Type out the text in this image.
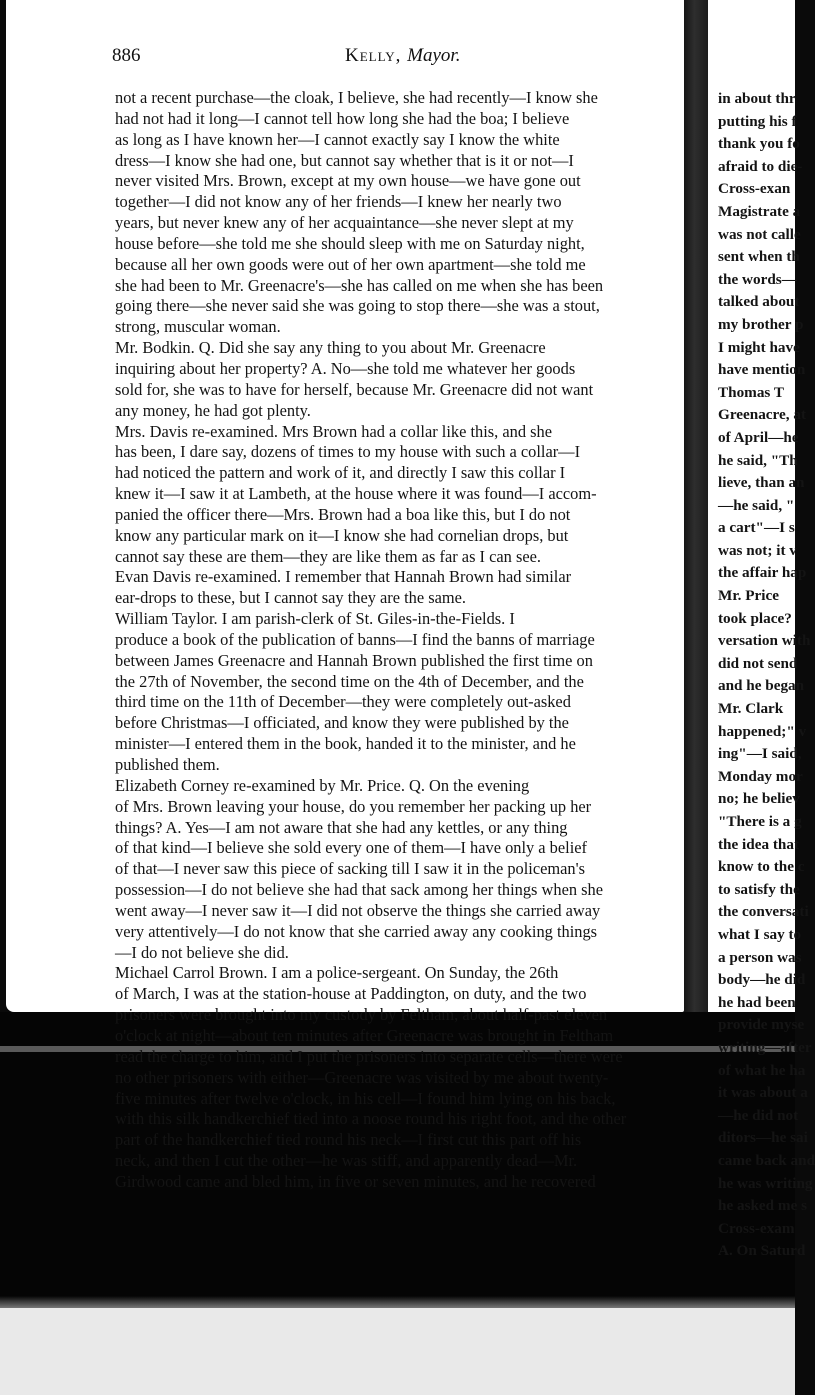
886	Kelly, Mayor.
not a recent purchase—the cloak, I believe, she had recently—I know she
had not had it long—I cannot tell how long she had the boa; I believe
as long as I have known her—I cannot exactly say I know the white
dress—I know she had one, but cannot say whether that is it or not—I
never visited Mrs. Brown, except at my own house—we have gone out
together—I did not know any of her friends—I knew her nearly two
years, but never knew any of her acquaintance—she never slept at my
house before—she told me she should sleep with me on Saturday night,
because all her own goods were out of her own apartment—she told me
she had been to Mr. Greenacre's—she has called on me when she has been
going there—she never said she was going to stop there—she was a stout,
strong, muscular woman.
Mr. Bodkin. Q. Did she say any thing to you about Mr. Greenacre
inquiring about her property? A. No—she told me whatever her goods
sold for, she was to have for herself, because Mr. Greenacre did not want
any money, he had got plenty.
Mrs. Davis re-examined. Mrs Brown had a collar like this, and she
has been, I dare say, dozens of times to my house with such a collar—I
had noticed the pattern and work of it, and directly I saw this collar I
knew it—I saw it at Lambeth, at the house where it was found—I accom-
panied the officer there—Mrs. Brown had a boa like this, but I do not
know any particular mark on it—I know she had cornelian drops, but
cannot say these are them—they are like them as far as I can see.
Evan Davis re-examined. I remember that Hannah Brown had similar
ear-drops to these, but I cannot say they are the same.
William Taylor. I am parish-clerk of St. Giles-in-the-Fields. I
produce a book of the publication of banns—I find the banns of marriage
between James Greenacre and Hannah Brown published the first time on
the 27th of November, the second time on the 4th of December, and the
third time on the 11th of December—they were completely out-asked
before Christmas—I officiated, and know they were published by the
minister—I entered them in the book, handed it to the minister, and he
published them.
Elizabeth Corney re-examined by Mr. Price. Q. On the evening
of Mrs. Brown leaving your house, do you remember her packing up her
things? A. Yes—I am not aware that she had any kettles, or any thing
of that kind—I believe she sold every one of them—I have only a belief
of that—I never saw this piece of sacking till I saw it in the policeman's
possession—I do not believe she had that sack among her things when she
went away—I never saw it—I did not observe the things she carried away
very attentively—I do not know that she carried away any cooking things
—I do not believe she did.
Michael Carrol Brown. I am a police-sergeant. On Sunday, the 26th
of March, I was at the station-house at Paddington, on duty, and the two
prisoners were brought into my custody by Feltham, about half-past eleven
o'clock at night—about ten minutes after Greenacre was brought in Feltham
read the charge to him, and I put the prisoners into separate cells—there were
no other prisoners with either—Greenacre was visited by me about twenty-
five minutes after twelve o'clock, in his cell—I found him lying on his back,
with this silk handkerchief tied into a noose round his right foot, and the other
part of the handkerchief tied round his neck—I first cut this part off his
neck, and then I cut the other—he was stiff, and apparently dead—Mr.
Girdwood came and bled him, in five or seven minutes, and he recovered
in about thr
putting his f
thank you fo
afraid to die-
Cross-exan
Magistrate a
was not calle
sent when th
the words—
talked about
my brother p
I might have
have mention
Thomas T
Greenacre, at
of April—he
he said, "Th
lieve, than an
—he said, "
a cart"—I s
was not; it v
the affair hap
Mr. Price
took place?
versation with
did not send
and he began
Mr. Clark
happened;" v
ing"—I said,
Monday mor
no; he believ
"There is a g
the idea that
know to the c
to satisfy the
the conversati
what I say to
a person was
body—he did
he had been
provide myse
writing—after
of what he ha
it was about a
—he did not
ditors—he sai
came back and
he was writing
he asked me s
Cross-exam
A. On Saturd
